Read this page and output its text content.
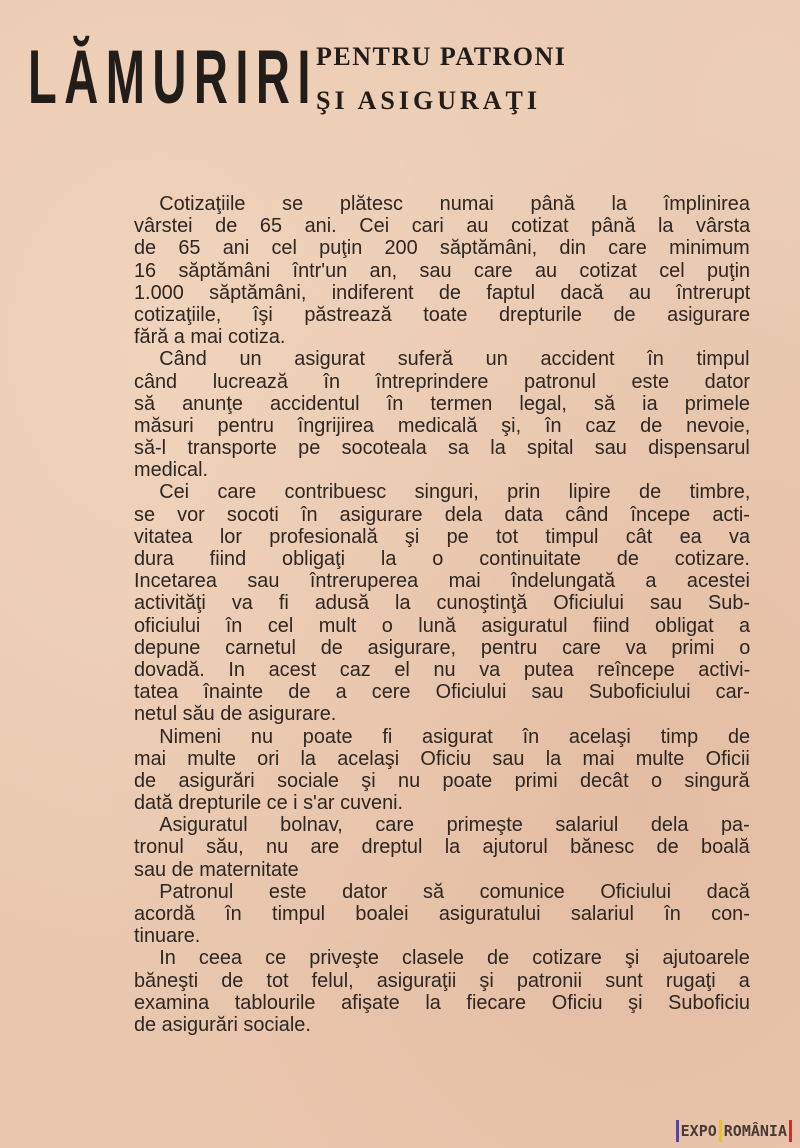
LĂMURIRI
PENTRU PATRONI
ŞI ASIGURAŢI
Cotizaţiile se plătesc numai până la împlinirea
vârstei de 65 ani. Cei cari au cotizat până la vârsta
de 65 ani cel puţin 200 săptămâni, din care minimum
16 săptămâni într'un an, sau care au cotizat cel puţin
1.000 săptămâni, indiferent de faptul dacă au întrerupt
cotizaţiile, îşi păstrează toate drepturile de asigurare
fără a mai cotiza.
Când un asigurat suferă un accident în timpul
când lucrează în întreprindere patronul este dator
să anunţe accidentul în termen legal, să ia primele
măsuri pentru îngrijirea medicală şi, în caz de nevoie,
să-l transporte pe socoteala sa la spital sau dispensarul
medical.
Cei care contribuesc singuri, prin lipire de timbre,
se vor socoti în asigurare dela data când începe acti-
vitatea lor profesională şi pe tot timpul cât ea va
dura fiind obligaţi la o continuitate de cotizare.
Incetarea sau întreruperea mai îndelungată a acestei
activităţi va fi adusă la cunoştinţă Oficiului sau Sub-
oficiului în cel mult o lună asiguratul fiind obligat a
depune carnetul de asigurare, pentru care va primi o
dovadă. In acest caz el nu va putea reîncepe activi-
tatea înainte de a cere Oficiului sau Suboficiului car-
netul său de asigurare.
Nimeni nu poate fi asigurat în acelaşi timp de
mai multe ori la acelaşi Oficiu sau la mai multe Oficii
de asigurări sociale şi nu poate primi decât o singură
dată drepturile ce i s'ar cuveni.
Asiguratul bolnav, care primeşte salariul dela pa-
tronul său, nu are dreptul la ajutorul bănesc de boală
sau de maternitate
Patronul este dator să comunice Oficiului dacă
acordă în timpul boalei asiguratului salariul în con-
tinuare.
In ceea ce priveşte clasele de cotizare şi ajutoarele
băneşti de tot felul, asiguraţii şi patronii sunt rugaţi a
examina tablourile afişate la fiecare Oficiu şi Suboficiu
de asigurări sociale.
EXPO ROMÂNIA
